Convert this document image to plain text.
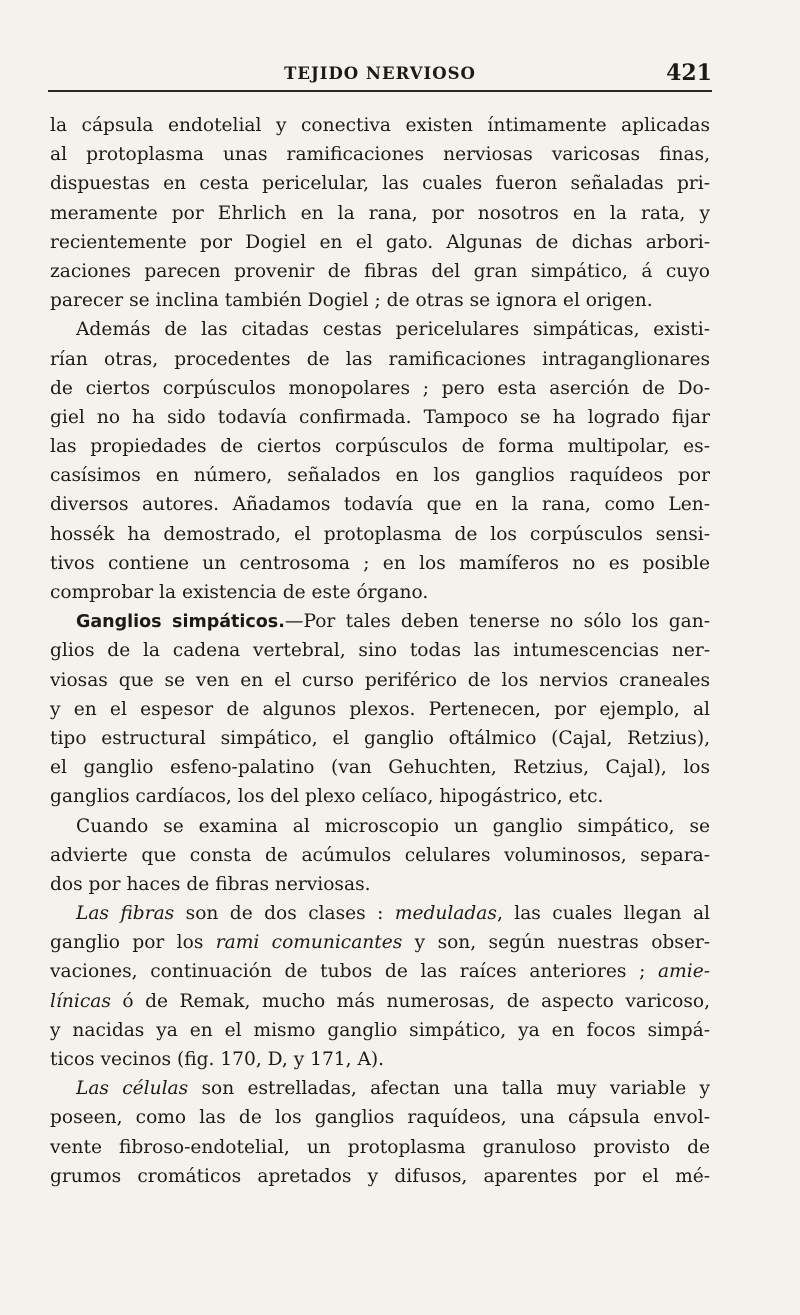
TEJIDO NERVIOSO	421
la cápsula endotelial y conectiva existen íntimamente aplicadas
al protoplasma unas ramificaciones nerviosas varicosas finas,
dispuestas en cesta pericelular, las cuales fueron señaladas pri-
meramente por Ehrlich en la rana, por nosotros en la rata, y
recientemente por Dogiel en el gato. Algunas de dichas arbori-
zaciones parecen provenir de fibras del gran simpático, á cuyo
parecer se inclina también Dogiel ; de otras se ignora el origen.
Además de las citadas cestas pericelulares simpáticas, existi-
rían otras, procedentes de las ramificaciones intraganglionares
de ciertos corpúsculos monopolares ; pero esta aserción de Do-
giel no ha sido todavía confirmada. Tampoco se ha logrado fijar
las propiedades de ciertos corpúsculos de forma multipolar, es-
casísimos en número, señalados en los ganglios raquídeos por
diversos autores. Añadamos todavía que en la rana, como Len-
hossék ha demostrado, el protoplasma de los corpúsculos sensi-
tivos contiene un centrosoma ; en los mamíferos no es posible
comprobar la existencia de este órgano.
Ganglios simpáticos.—Por tales deben tenerse no sólo los gan-
glios de la cadena vertebral, sino todas las intumescencias ner-
viosas que se ven en el curso periférico de los nervios craneales
y en el espesor de algunos plexos. Pertenecen, por ejemplo, al
tipo estructural simpático, el ganglio oftálmico (Cajal, Retzius),
el ganglio esfeno-palatino (van Gehuchten, Retzius, Cajal), los
ganglios cardíacos, los del plexo celíaco, hipogástrico, etc.
Cuando se examina al microscopio un ganglio simpático, se
advierte que consta de acúmulos celulares voluminosos, separa-
dos por haces de fibras nerviosas.
Las fibras son de dos clases : meduladas, las cuales llegan al
ganglio por los rami comunicantes y son, según nuestras obser-
vaciones, continuación de tubos de las raíces anteriores ; amie-
línicas ó de Remak, mucho más numerosas, de aspecto varicoso,
y nacidas ya en el mismo ganglio simpático, ya en focos simpá-
ticos vecinos (fig. 170, D, y 171, A).
Las células son estrelladas, afectan una talla muy variable y
poseen, como las de los ganglios raquídeos, una cápsula envol-
vente fibroso-endotelial, un protoplasma granuloso provisto de
grumos cromáticos apretados y difusos, aparentes por el mé-
